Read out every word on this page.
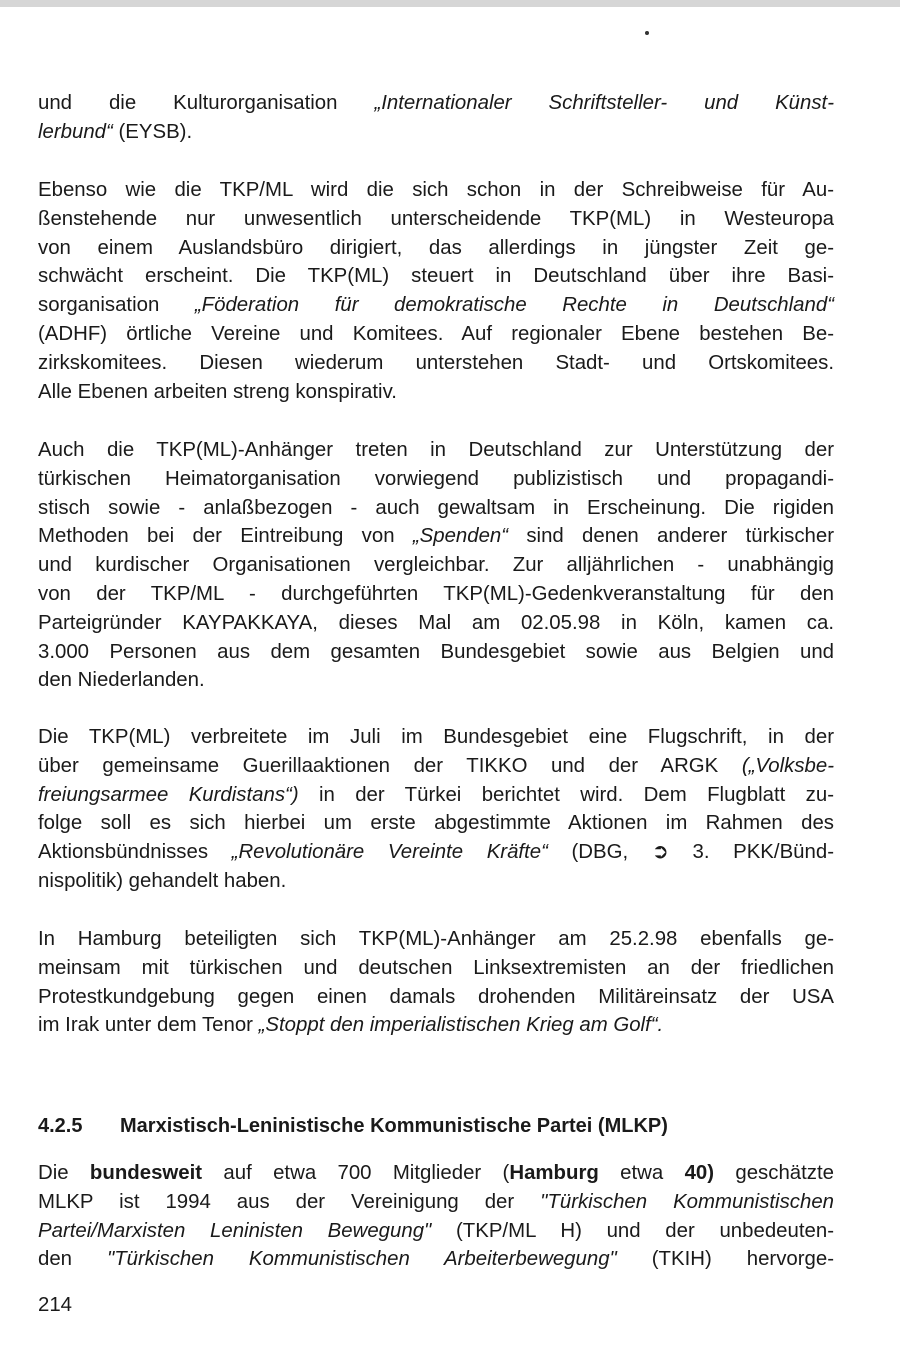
und die Kulturorganisation „Internationaler Schriftsteller- und Künst-

lerbund“ (EYSB).

Ebenso wie die TKP/ML wird die sich schon in der Schreibweise für Au-

ßenstehende nur unwesentlich unterscheidende TKP(ML) in Westeuropa

von einem Auslandsbüro dirigiert, das allerdings in jüngster Zeit ge-

schwächt erscheint. Die TKP(ML) steuert in Deutschland über ihre Basi-

sorganisation „Föderation für demokratische Rechte in Deutschland“

(ADHF) örtliche Vereine und Komitees. Auf regionaler Ebene bestehen Be-

zirkskomitees. Diesen wiederum unterstehen Stadt- und Ortskomitees.

Alle Ebenen arbeiten streng konspirativ.

Auch die TKP(ML)-Anhänger treten in Deutschland zur Unterstützung der

türkischen Heimatorganisation vorwiegend publizistisch und propagandi-

stisch sowie - anlaßbezogen - auch gewaltsam in Erscheinung. Die rigiden

Methoden bei der Eintreibung von „Spenden“ sind denen anderer türkischer

und kurdischer Organisationen vergleichbar. Zur alljährlichen - unabhängig

von der TKP/ML - durchgeführten TKP(ML)-Gedenkveranstaltung für den

Parteigründer KAYPAKKAYA, dieses Mal am 02.05.98 in Köln, kamen ca.

3.000 Personen aus dem gesamten Bundesgebiet sowie aus Belgien und

den Niederlanden.

Die TKP(ML) verbreitete im Juli im Bundesgebiet eine Flugschrift, in der

über gemeinsame Guerillaaktionen der TIKKO und der ARGK („Volksbe-

freiungsarmee Kurdistans“) in der Türkei berichtet wird. Dem Flugblatt zu-

folge soll es sich hierbei um erste abgestimmte Aktionen im Rahmen des

Aktionsbündnisses „Revolutionäre Vereinte Kräfte“ (DBG, ➲ 3. PKK/Bünd-

nispolitik) gehandelt haben.

In Hamburg beteiligten sich TKP(ML)-Anhänger am 25.2.98 ebenfalls ge-

meinsam mit türkischen und deutschen Linksextremisten an der friedlichen

Protestkundgebung gegen einen damals drohenden Militäreinsatz der USA

im Irak unter dem Tenor „Stoppt den imperialistischen Krieg am Golf“.

4.2.5 Marxistisch-Leninistische Kommunistische Partei (MLKP)

Die bundesweit auf etwa 700 Mitglieder (Hamburg etwa 40) geschätzte

MLKP ist 1994 aus der Vereinigung der "Türkischen Kommunistischen

Partei/Marxisten Leninisten Bewegung" (TKP/ML H) und der unbedeuten-

den "Türkischen Kommunistischen Arbeiterbewegung" (TKIH) hervorge-

214
